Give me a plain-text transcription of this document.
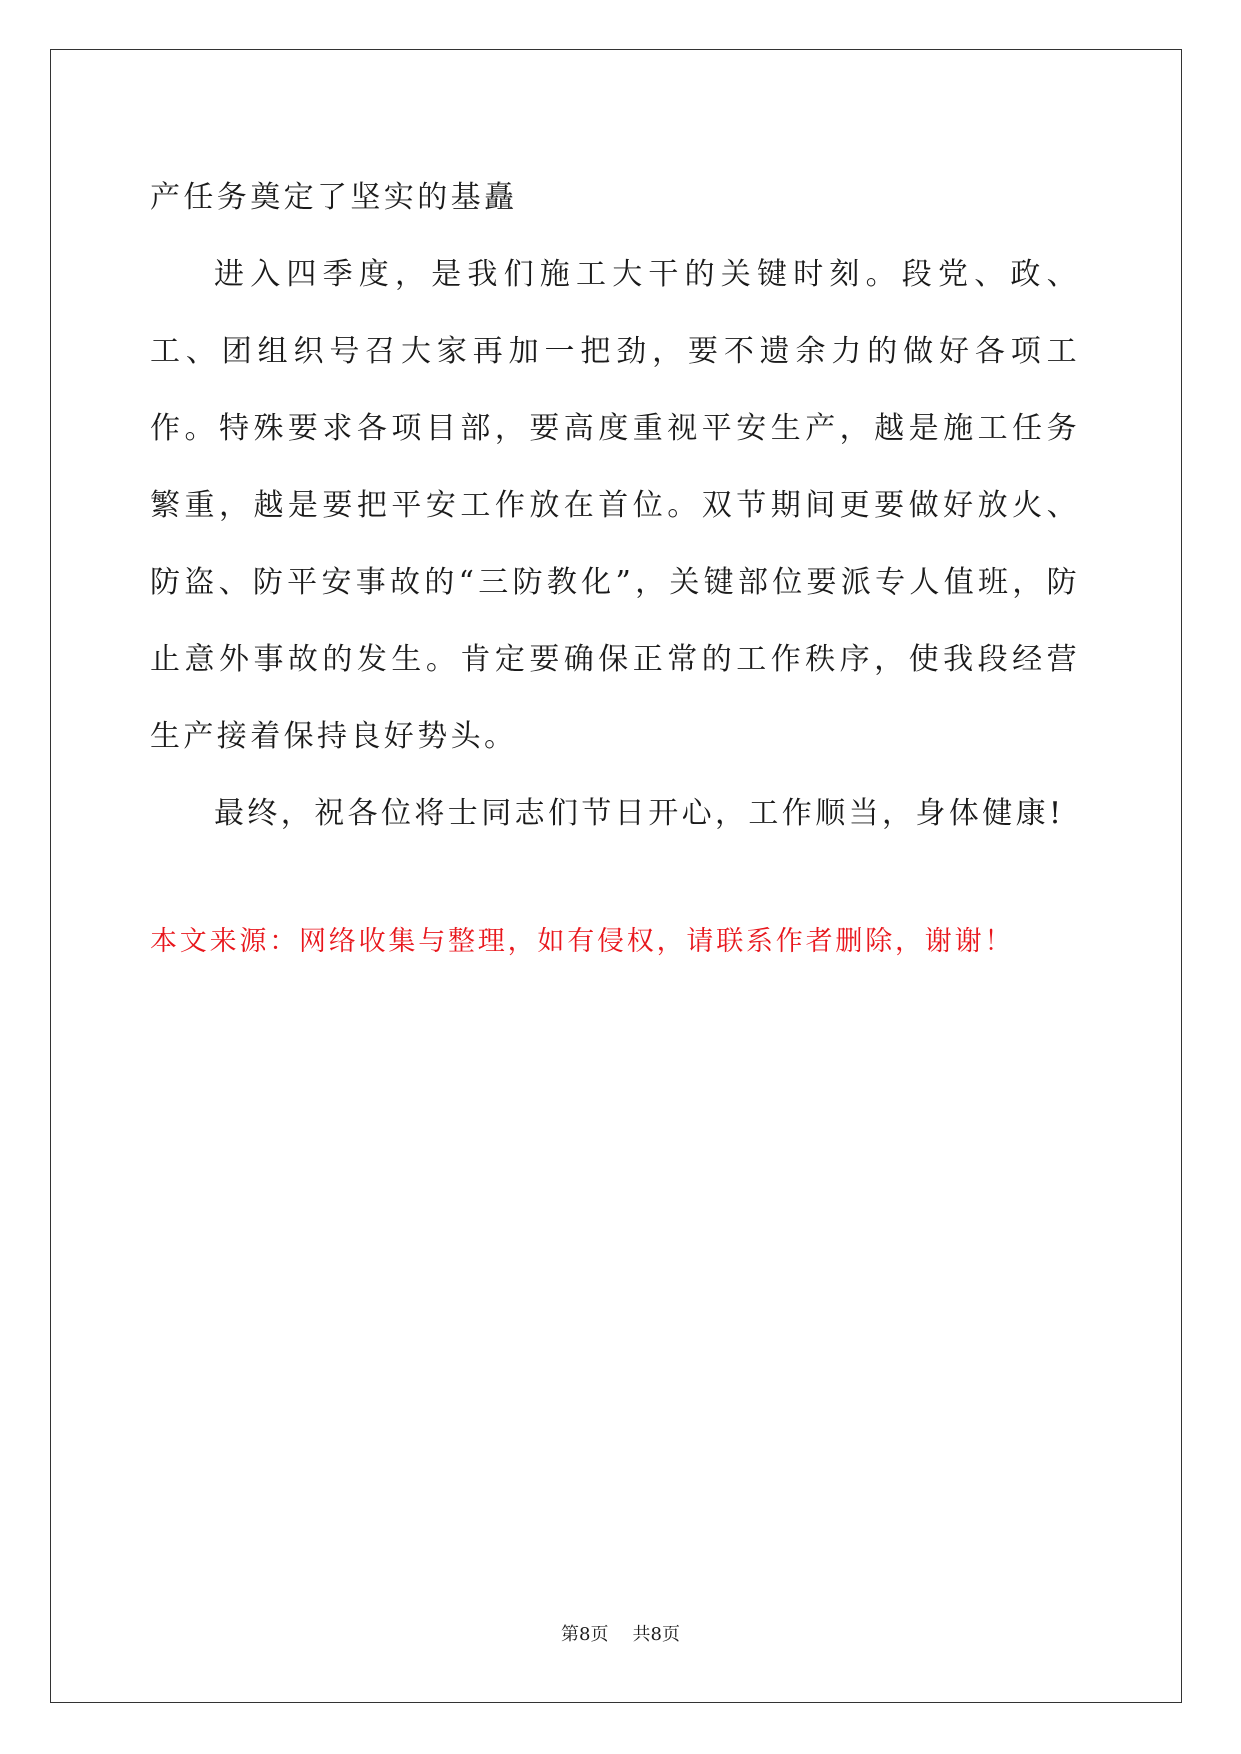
产任务奠定了坚实的基矗

进入四季度，是我们施工大干的关键时刻。段党、政、工、团组织号召大家再加一把劲，要不遗余力的做好各项工作。特殊要求各项目部，要高度重视平安生产，越是施工任务繁重，越是要把平安工作放在首位。双节期间更要做好放火、防盗、防平安事故的“三防教化”，关键部位要派专人值班，防止意外事故的发生。肯定要确保正常的工作秩序，使我段经营生产接着保持良好势头。

最终，祝各位将士同志们节日开心，工作顺当，身体健康!

本文来源：网络收集与整理，如有侵权，请联系作者删除，谢谢！

第8页 共8页
